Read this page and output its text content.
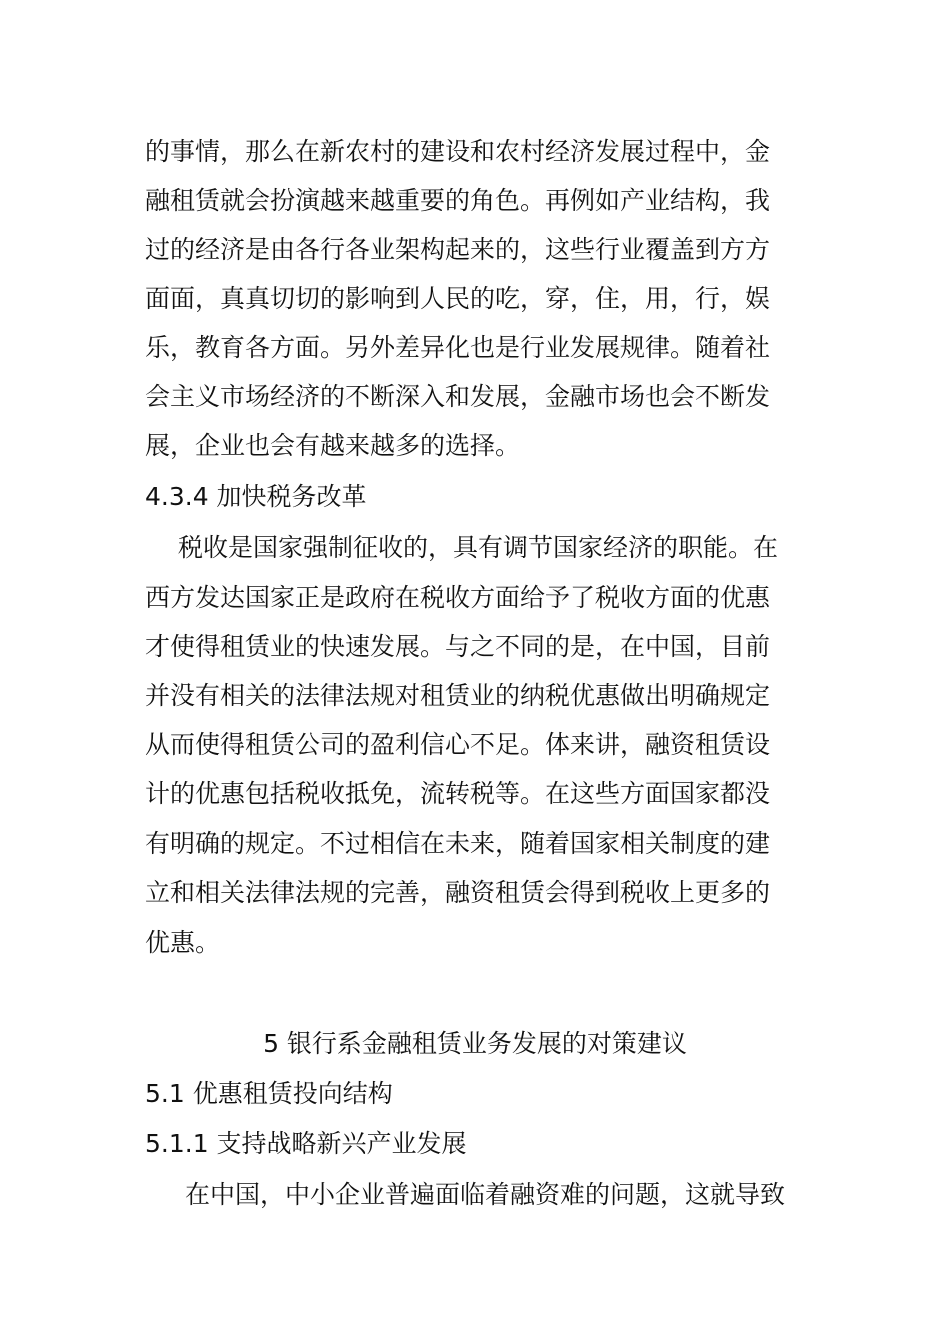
的事情，那么在新农村的建设和农村经济发展过程中，金
融租赁就会扮演越来越重要的角色。再例如产业结构，我
过的经济是由各行各业架构起来的，这些行业覆盖到方方
面面，真真切切的影响到人民的吃，穿，住，用，行，娱
乐，教育各方面。另外差异化也是行业发展规律。随着社
会主义市场经济的不断深入和发展，金融市场也会不断发
展，企业也会有越来越多的选择。
4.3.4 加快税务改革
税收是国家强制征收的，具有调节国家经济的职能。在
西方发达国家正是政府在税收方面给予了税收方面的优惠
才使得租赁业的快速发展。与之不同的是，在中国，目前
并没有相关的法律法规对租赁业的纳税优惠做出明确规定
从而使得租赁公司的盈利信心不足。体来讲，融资租赁设
计的优惠包括税收抵免，流转税等。在这些方面国家都没
有明确的规定。不过相信在未来，随着国家相关制度的建
立和相关法律法规的完善，融资租赁会得到税收上更多的
优惠。
5 银行系金融租赁业务发展的对策建议
5.1 优惠租赁投向结构
5.1.1 支持战略新兴产业发展
在中国，中小企业普遍面临着融资难的问题，这就导致
